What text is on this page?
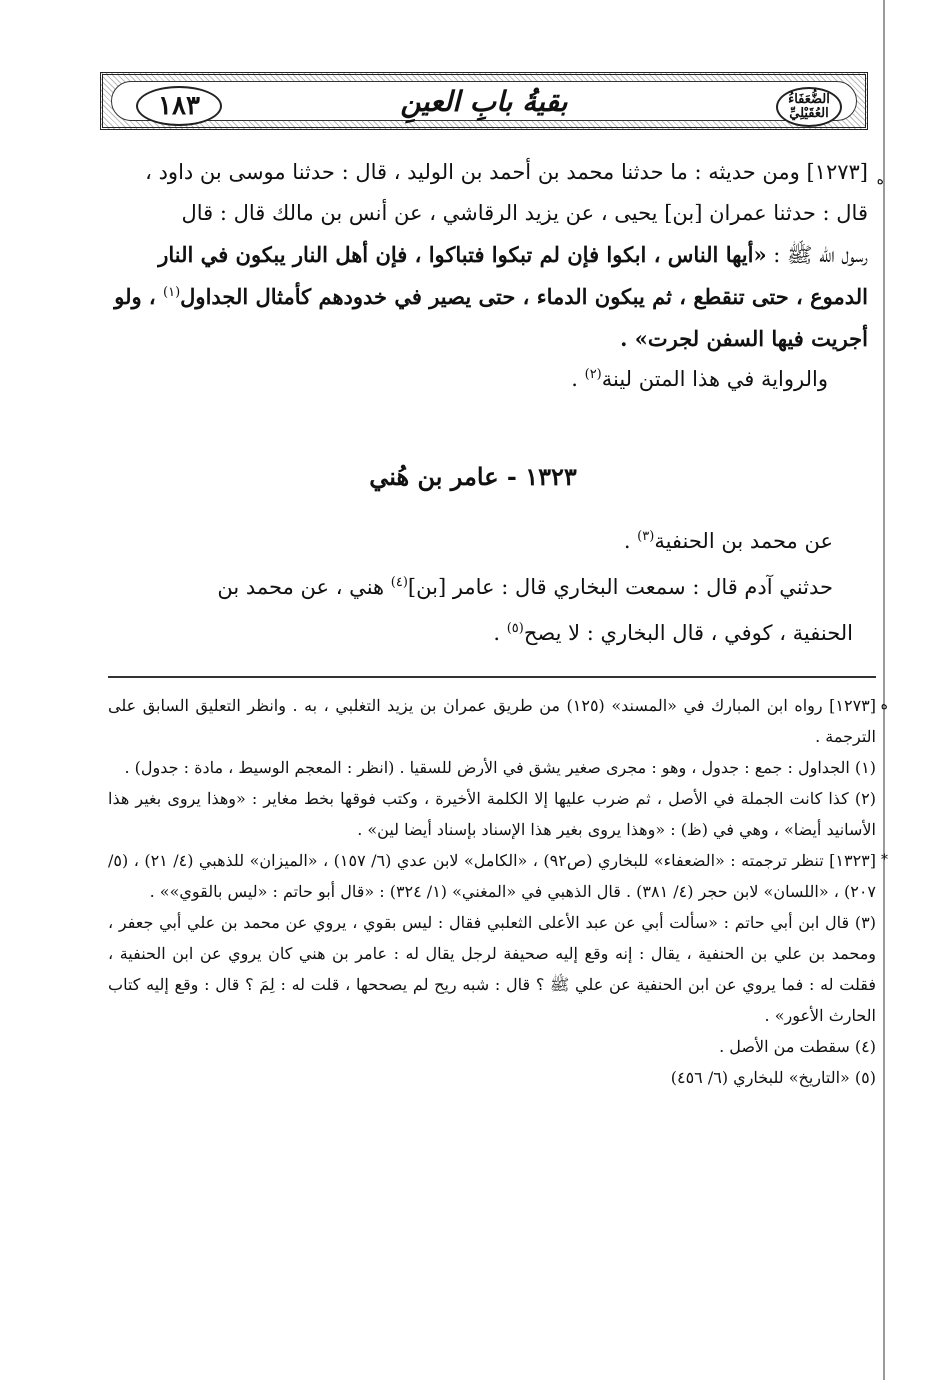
١٨٣	بقيةُ بابِ العينِ	الضُّعَفَاءُ
العُقَيْلِيِّ
ه

[١٢٧٣] ومن حديثه : ما حدثنا محمد بن أحمد بن الوليد ، قال : حدثنا موسى بن داود ،

قال : حدثنا عمران [بن] يحيى ، عن يزيد الرقاشي ، عن أنس بن مالك قال : قال

رسول الله ﷺ : «أيها الناس ، ابكوا فإن لم تبكوا فتباكوا ، فإن أهل النار يبكون في النار

الدموع ، حتى تنقطع ، ثم يبكون الدماء ، حتى يصير في خدودهم كأمثال الجداول$^{(١)}$ ، ولو

أجريت فيها السفن لجرت» .

والرواية في هذا المتن لينة$^{(٢)}$ .

١٣٢٣ - عامر بن هُني

عن محمد بن الحنفية$^{(٣)}$ .

حدثني آدم قال : سمعت البخاري قال : عامر [بن]$^{(٤)}$ هني ، عن محمد بن

الحنفية ، كوفي ، قال البخاري : لا يصح$^{(٥)}$ .

ه
[١٢٧٣] رواه ابن المبارك في «المسند» (١٢٥) من طريق عمران بن يزيد التغلبي ، به . وانظر التعليق السابق على الترجمة .

(١) الجداول : جمع : جدول ، وهو : مجرى صغير يشق في الأرض للسقيا . (انظر : المعجم الوسيط ، مادة : جدول) .

(٢) كذا كانت الجملة في الأصل ، ثم ضرب عليها إلا الكلمة الأخيرة ، وكتب فوقها بخط مغاير : «وهذا يروى بغير هذا الأسانيد أيضا» ، وهي في (ظ) : «وهذا يروى بغير هذا الإسناد بإسناد أيضا لين» .

*
[١٣٢٣] تنظر ترجمته : «الضعفاء» للبخاري (ص٩٢) ، «الكامل» لابن عدي (٦/ ١٥٧) ، «الميزان» للذهبي (٤/ ٢١) ، (٥/ ٢٠٧) ، «اللسان» لابن حجر (٤/ ٣٨١) . قال الذهبي في «المغني» (١/ ٣٢٤) : «قال أبو حاتم : «ليس بالقوي»» .

(٣) قال ابن أبي حاتم : «سألت أبي عن عبد الأعلى الثعلبي فقال : ليس بقوي ، يروي عن محمد بن علي أبي جعفر ، ومحمد بن علي بن الحنفية ، يقال : إنه وقع إليه صحيفة لرجل يقال له : عامر بن هني كان يروي عن ابن الحنفية ، فقلت له : فما يروي عن ابن الحنفية عن علي ﷺ ؟ قال : شبه ريح لم يصححها ، قلت له : لِمَ ؟ قال : وقع إليه كتاب الحارث الأعور» .

(٤) سقطت من الأصل .

(٥) «التاريخ» للبخاري (٦/ ٤٥٦)
